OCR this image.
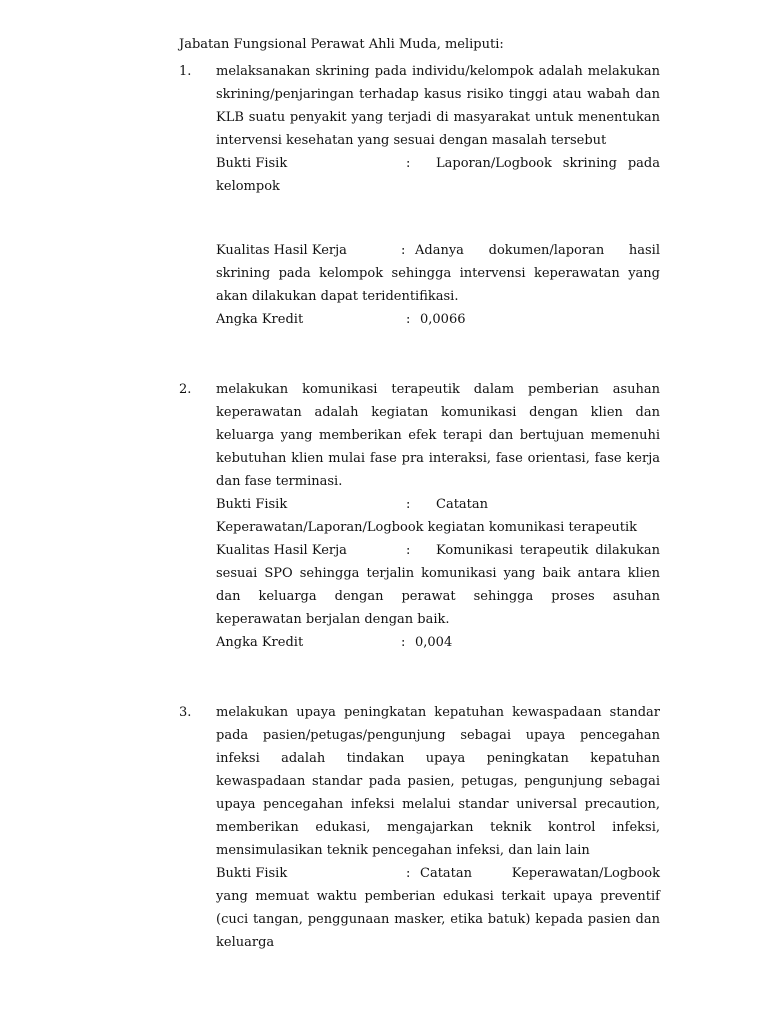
Jabatan Fungsional Perawat Ahli Muda, meliputi:
1. melaksanakan skrining pada individu/kelompok adalah melakukan skrining/penjaringan terhadap kasus risiko tinggi atau wabah dan KLB suatu penyakit yang terjadi di masyarakat untuk menentukan intervensi kesehatan yang sesuai dengan masalah tersebut

Bukti Fisik	: Laporan/Logbook skrining pada kelompok

Kualitas Hasil Kerja	: Adanya dokumen/laporan hasil skrining pada kelompok sehingga intervensi keperawatan yang akan dilakukan dapat teridentifikasi.

Angka Kredit	: 0,0066

2. melakukan komunikasi terapeutik dalam pemberian asuhan keperawatan adalah kegiatan komunikasi dengan klien dan keluarga yang memberikan efek terapi dan bertujuan memenuhi kebutuhan klien mulai fase pra interaksi, fase orientasi, fase kerja dan fase terminasi.

Bukti Fisik	: Catatan Keperawatan/Laporan/Logbook kegiatan komunikasi terapeutik

Kualitas Hasil Kerja	: Komunikasi terapeutik dilakukan sesuai SPO sehingga terjalin komunikasi yang baik antara klien dan keluarga dengan perawat sehingga proses asuhan keperawatan berjalan dengan baik.

Angka Kredit	: 0,004

3. melakukan upaya peningkatan kepatuhan kewaspadaan standar pada pasien/petugas/pengunjung sebagai upaya pencegahan infeksi adalah tindakan upaya peningkatan kepatuhan kewaspadaan standar pada pasien, petugas, pengunjung sebagai upaya pencegahan infeksi melalui standar universal precaution, memberikan edukasi, mengajarkan teknik kontrol infeksi, mensimulasikan teknik pencegahan infeksi, dan lain lain

Bukti Fisik	: Catatan Keperawatan/Logbook yang memuat waktu pemberian edukasi terkait upaya preventif (cuci tangan, penggunaan masker, etika batuk) kepada pasien dan keluarga
